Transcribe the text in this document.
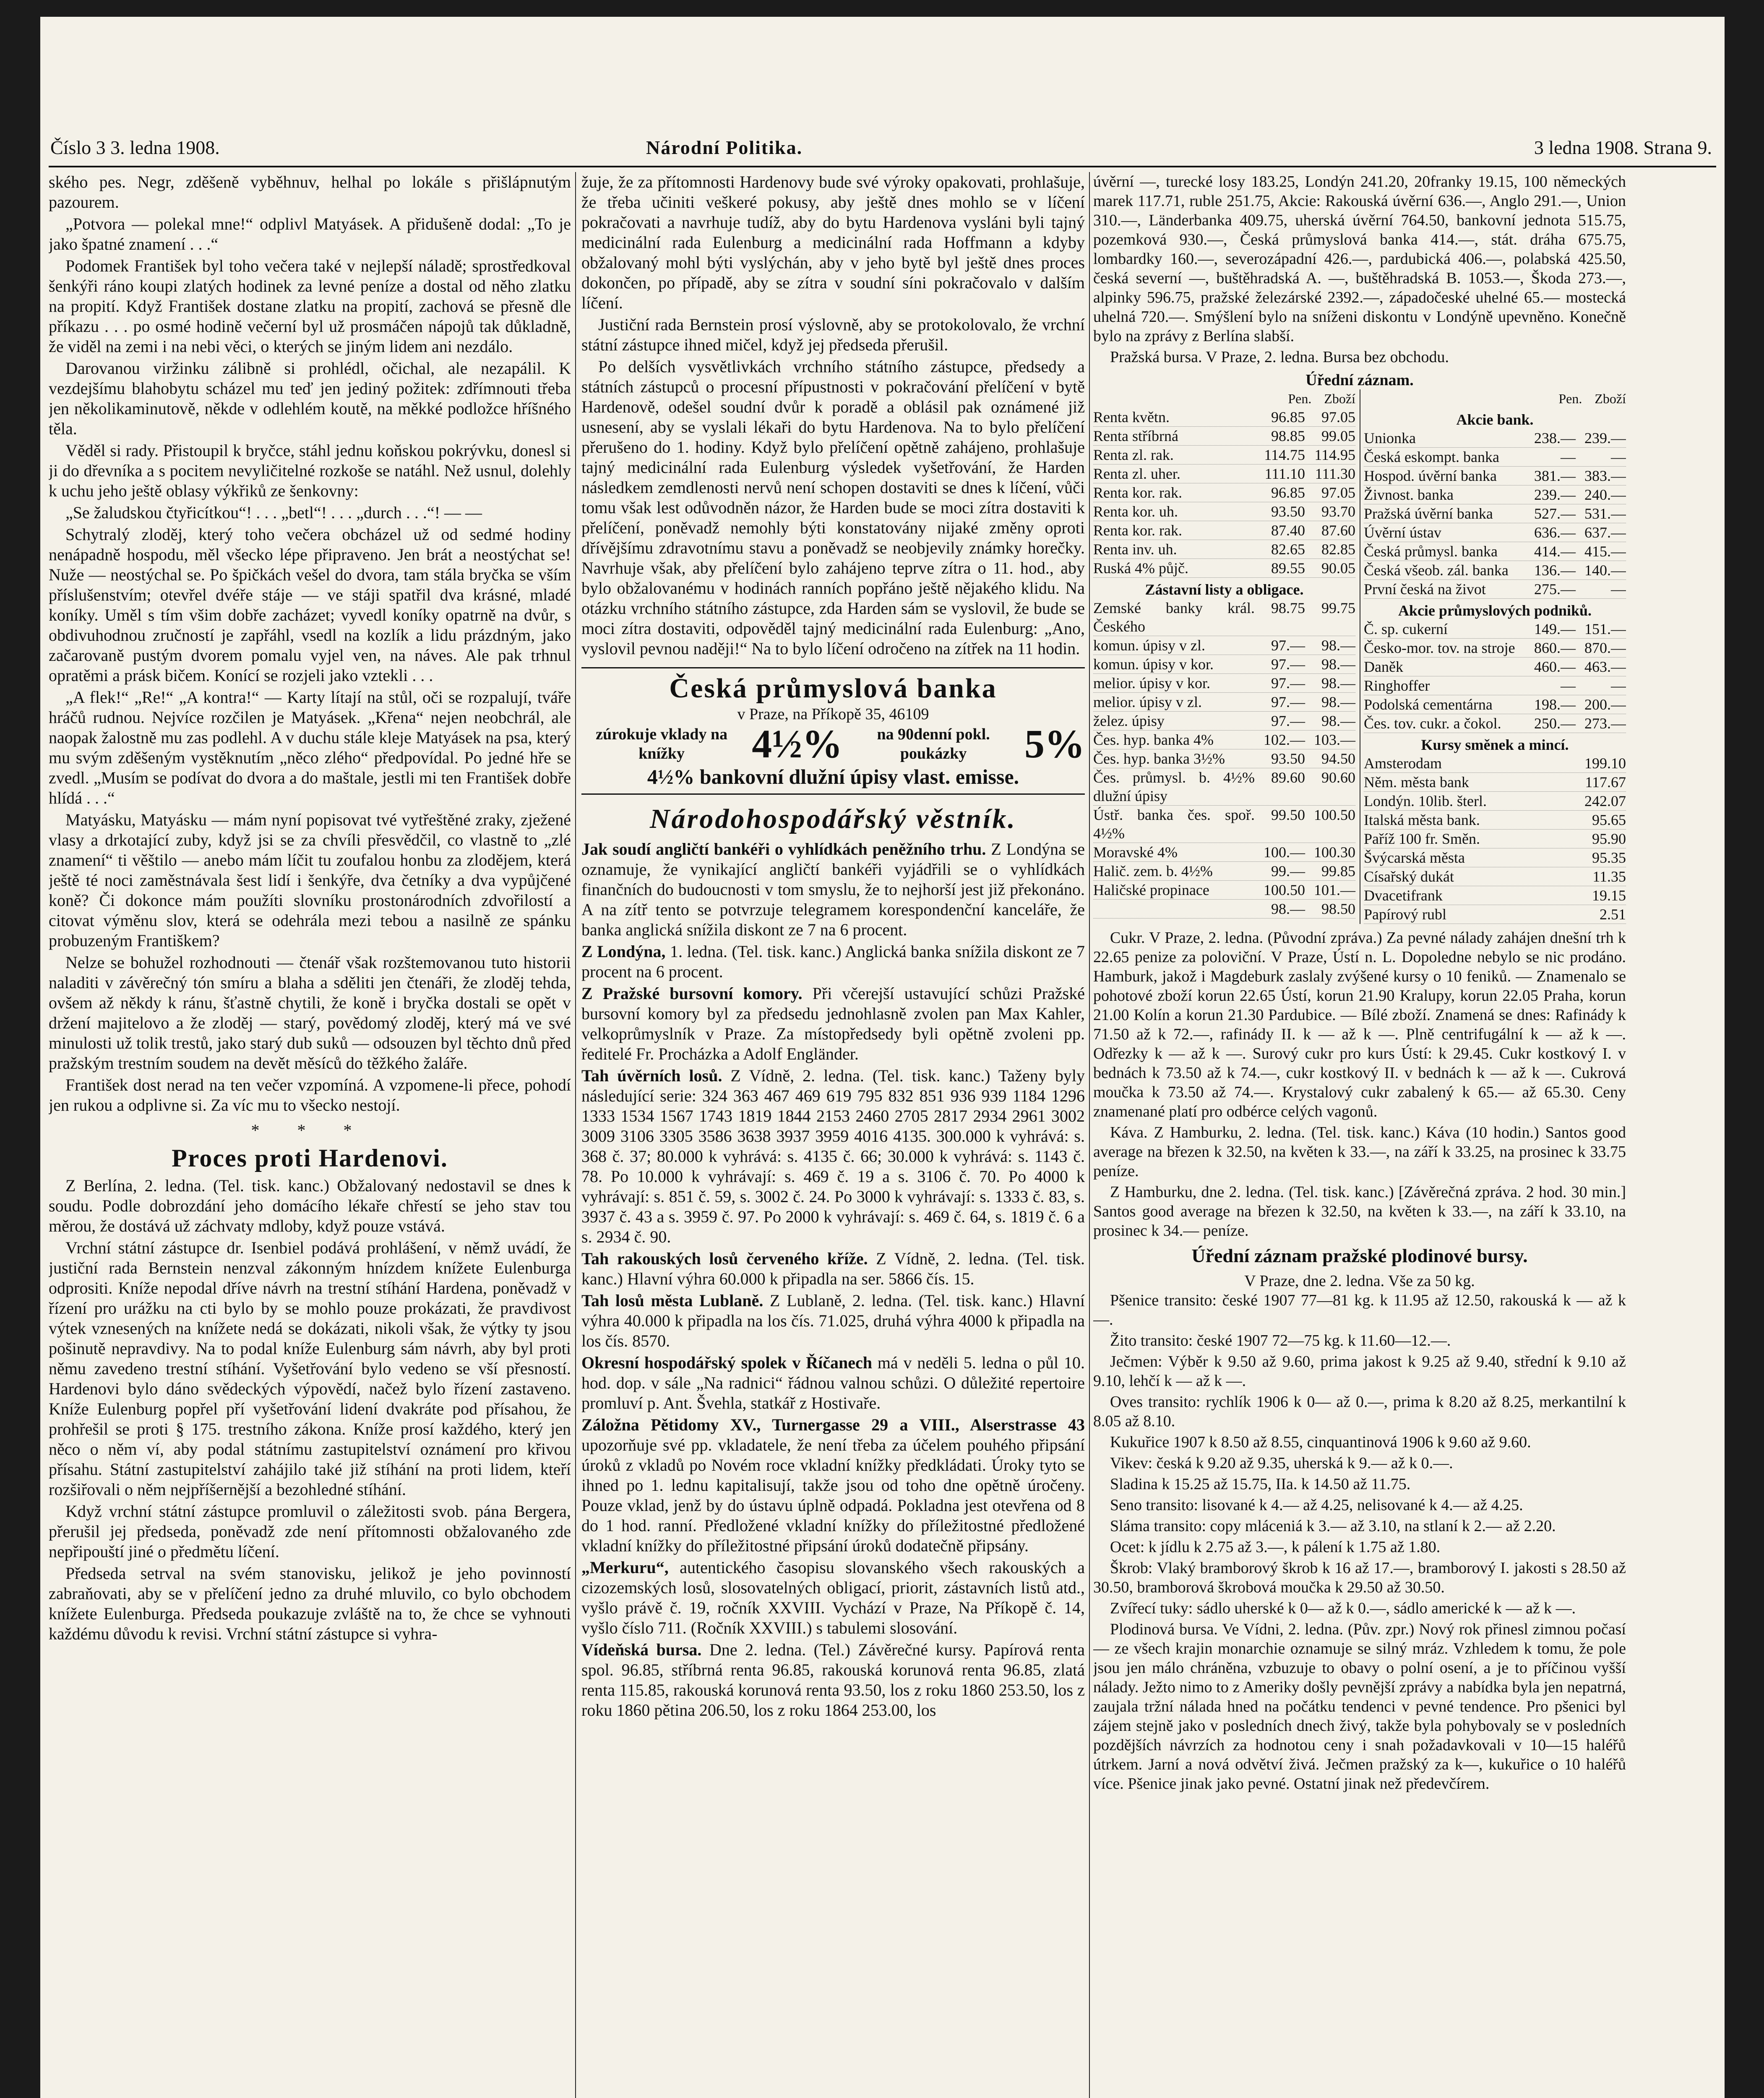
Číslo 3 3. ledna 1908.	Národní Politika.	3 ledna 1908. Strana 9.

ského pes. Negr, zděšeně vyběhnuv, helhal po lokále s přišlápnutým pazourem.

„Potvora — polekal mne!“ odplivl Matyásek. A přidušeně dodal: „To je jako špatné znamení . . .“

Podomek František byl toho večera také v nejlepší náladě; sprostředkoval šenkýři ráno koupi zlatých hodinek za levné peníze a dostal od něho zlatku na propití. Když František dostane zlatku na propití, zachová se přesně dle příkazu . . . po osmé hodině večerní byl už prosmáčen nápojů tak důkladně, že viděl na zemi i na nebi věci, o kterých se jiným lidem ani nezdálo.

Darovanou viržinku zálibně si prohlédl, očichal, ale nezapálil. K vezdejšímu blahobytu scházel mu teď jen jediný požitek: zdřímnouti třeba jen několikaminutově, někde v odlehlém koutě, na měkké podložce hříšného těla.

Věděl si rady. Přistoupil k bryčce, stáhl jednu koňskou pokrývku, donesl si ji do dřevníka a s pocitem nevyličitelné rozkoše se natáhl. Než usnul, dolehly k uchu jeho ještě oblasy výkřiků ze šenkovny:

„Se žaludskou čtyřicítkou“! . . . „betl“! . . . „durch . . .“! — —

Schytralý zloděj, který toho večera obcházel už od sedmé hodiny nenápadně hospodu, měl všecko lépe připraveno. Jen brát a neostýchat se! Nuže — neostýchal se. Po špičkách vešel do dvora, tam stála bryčka se vším příslušenstvím; otevřel dvéře stáje — ve stáji spatřil dva krásné, mladé koníky. Uměl s tím všim dobře zacházet; vyvedl koníky opatrně na dvůr, s obdivuhodnou zručností je zapřáhl, vsedl na kozlík a lidu prázdným, jako začarovaně pustým dvorem pomalu vyjel ven, na náves. Ale pak trhnul opratěmi a prásk bičem. Konící se rozjeli jako vztekli . . .

„A flek!“ „Re!“ „A kontra!“ — Karty lítají na stůl, oči se rozpalují, tváře hráčů rudnou. Nejvíce rozčilen je Matyásek. „Křena“ nejen neobchrál, ale naopak žalostně mu zas podlehl. A v duchu stále kleje Matyásek na psa, který mu svým zděšeným vystěknutím „něco zlého“ předpovídal. Po jedné hře se zvedl. „Musím se podívat do dvora a do maštale, jestli mi ten František dobře hlídá . . .“

Matyásku, Matyásku — mám nyní popisovat tvé vytřeštěné zraky, zježené vlasy a drkotající zuby, když jsi se za chvíli přesvědčil, co vlastně to „zlé znamení“ ti věštilo — anebo mám líčit tu zoufalou honbu za zlodějem, která ještě té noci zaměstnávala šest lidí i šenkýře, dva četníky a dva vypůjčené koně? Či dokonce mám použíti slovníku prostonárodních zdvořilostí a citovat výměnu slov, která se odehrála mezi tebou a nasilně ze spánku probuzeným Františkem?

Nelze se bohužel rozhodnouti — čtenář však rozštemovanou tuto historii naladiti v závěrečný tón smíru a blaha a sděliti jen čtenáři, že zloděj tehda, ovšem až někdy k ránu, šťastně chytili, že koně i bryčka dostali se opět v držení majitelovo a že zloděj — starý, povědomý zloděj, který má ve své minulosti už tolik trestů, jako starý dub suků — odsouzen byl těchto dnů před pražským trestním soudem na devět měsíců do těžkého žaláře.

František dost nerad na ten večer vzpomíná. A vzpomene-li přece, pohodí jen rukou a odplivne si. Za víc mu to všecko nestojí.

* * *
Proces proti Hardenovi.

Z Berlína, 2. ledna. (Tel. tisk. kanc.) Obžalovaný nedostavil se dnes k soudu. Podle dobrozdání jeho domácího lékaře chřestí se jeho stav tou měrou, že dostává už záchvaty mdloby, když pouze vstává.

Vrchní státní zástupce dr. Isenbiel podává prohlášení, v němž uvádí, že justiční rada Bernstein nenzval zákonným hnízdem knížete Eulenburga odprositi. Kníže nepodal dříve návrh na trestní stíhání Hardena, poněvadž v řízení pro urážku na cti bylo by se mohlo pouze prokázati, že pravdivost výtek vznesených na knížete nedá se dokázati, nikoli však, že výtky ty jsou pošinutě nepravdivy. Na to podal kníže Eulenburg sám návrh, aby byl proti němu zavedeno trestní stíhání. Vyšetřování bylo vedeno se vší přesností. Hardenovi bylo dáno svědeckých výpovědí, načež bylo řízení zastaveno. Kníže Eulenburg popřel pří vyšetřování lidení dvakráte pod přísahou, že prohřešil se proti § 175. trestního zákona. Kníže prosí každého, který jen něco o něm ví, aby podal státnímu zastupitelství oznámení pro křivou přísahu. Státní zastupitelství zahájilo také již stíhání na proti lidem, kteří rozšiřovali o něm nejpříšernější a bezohledné stíhání.

Když vrchní státní zástupce promluvil o záležitosti svob. pána Bergera, přerušil jej předseda, poněvadž zde není přítomnosti obžalovaného zde nepřipouští jiné o předmětu líčení.

Předseda setrval na svém stanovisku, jelikož je jeho povinností zabraňovati, aby se v přelíčení jedno za druhé mluvilo, co bylo obchodem knížete Eulenburga. Předseda poukazuje zvláště na to, že chce se vyhnouti každému důvodu k revisi. Vrchní státní zástupce si vyhra-

žuje, že za přítomnosti Hardenovy bude své výroky opakovati, prohlašuje, že třeba učiniti veškeré pokusy, aby ještě dnes mohlo se v líčení pokračovati a navrhuje tudíž, aby do bytu Hardenova vysláni byli tajný medicinální rada Eulenburg a medicinální rada Hoffmann a kdyby obžalovaný mohl býti vyslýchán, aby v jeho bytě byl ještě dnes proces dokončen, po případě, aby se zítra v soudní síni pokračovalo v dalším líčení.

Justiční rada Bernstein prosí výslovně, aby se protokolovalo, že vrchní státní zástupce ihned mičel, když jej předseda přerušil.

Po delších vysvětlivkách vrchního státního zástupce, předsedy a státních zástupců o procesní přípustnosti v pokračování přelíčení v bytě Hardenově, odešel soudní dvůr k poradě a oblásil pak oznámené již usnesení, aby se vyslali lékaři do bytu Hardenova. Na to bylo přelíčení přerušeno do 1. hodiny. Když bylo přelíčení opětně zahájeno, prohlašuje tajný medicinální rada Eulenburg výsledek vyšetřování, že Harden následkem zemdlenosti nervů není schopen dostaviti se dnes k líčení, vůči tomu však lest odůvodněn názor, že Harden bude se moci zítra dostaviti k přelíčení, poněvadž nemohly býti konstatovány nijaké změny oproti dřívějšímu zdravotnímu stavu a poněvadž se neobjevily známky horečky. Navrhuje však, aby přelíčení bylo zahájeno teprve zítra o 11. hod., aby bylo obžalovanému v hodinách ranních popřáno ještě nějakého klidu. Na otázku vrchního státního zástupce, zda Harden sám se vyslovil, že bude se moci zítra dostaviti, odpověděl tajný medicinální rada Eulenburg: „Ano, vyslovil pevnou naději!“ Na to bylo líčení odročeno na zítřek na 11 hodin.

Česká průmyslová banka
v Praze, na Příkopě 35, 46109
zúrokuje vklady na knížky	4½%	na 90denní pokl. poukázky	5%
4½% bankovní dlužní úpisy vlast. emisse.
Národohospodářský věstník.

Jak soudí angličtí bankéři o vyhlídkách peněžního trhu. Z Londýna se oznamuje, že vynikající angličtí bankéři vyjádřili se o vyhlídkách finančních do budoucnosti v tom smyslu, že to nejhorší jest již překonáno. A na zítř tento se potvrzuje telegramem korespondenční kanceláře, že banka anglická snížila diskont ze 7 na 6 procent.

Z Londýna, 1. ledna. (Tel. tisk. kanc.) Anglická banka snížila diskont ze 7 procent na 6 procent.

Z Pražské bursovní komory. Při včerejší ustavující schůzi Pražské bursovní komory byl za předsedu jednohlasně zvolen pan Max Kahler, velkoprůmyslník v Praze. Za místopředsedy byli opětně zvoleni pp. ředitelé Fr. Procházka a Adolf Engländer.

Tah úvěrních losů. Z Vídně, 2. ledna. (Tel. tisk. kanc.) Taženy byly následující serie: 324 363 467 469 619 795 832 851 936 939 1184 1296 1333 1534 1567 1743 1819 1844 2153 2460 2705 2817 2934 2961 3002 3009 3106 3305 3586 3638 3937 3959 4016 4135. 300.000 k vyhrává: s. 368 č. 37; 80.000 k vyhrává: s. 4135 č. 66; 30.000 k vyhrává: s. 1143 č. 78. Po 10.000 k vyhrávají: s. 469 č. 19 a s. 3106 č. 70. Po 4000 k vyhrávají: s. 851 č. 59, s. 3002 č. 24. Po 3000 k vyhrávají: s. 1333 č. 83, s. 3937 č. 43 a s. 3959 č. 97. Po 2000 k vyhrávají: s. 469 č. 64, s. 1819 č. 6 a s. 2934 č. 90.

Tah rakouských losů červeného kříže. Z Vídně, 2. ledna. (Tel. tisk. kanc.) Hlavní výhra 60.000 k připadla na ser. 5866 čís. 15.

Tah losů města Lublaně. Z Lublaně, 2. ledna. (Tel. tisk. kanc.) Hlavní výhra 40.000 k připadla na los čís. 71.025, druhá výhra 4000 k připadla na los čís. 8570.

Okresní hospodářský spolek v Říčanech má v neděli 5. ledna o půl 10. hod. dop. v sále „Na radnici“ řádnou valnou schůzi. O důležité repertoire promluví p. Ant. Švehla, statkář z Hostivaře.

Záložna Pětidomy XV., Turnergasse 29 a VIII., Alserstrasse 43 upozorňuje své pp. vkladatele, že není třeba za účelem pouhého připsání úroků z vkladů po Novém roce vkladní knížky předkládati. Úroky tyto se ihned po 1. lednu kapitalisují, takže jsou od toho dne opětně úročeny. Pouze vklad, jenž by do ústavu úplně odpadá. Pokladna jest otevřena od 8 do 1 hod. ranní. Předložené vkladní knížky do příležitostné předložené vkladní knížky do příležitostné připsání úroků dodatečně připsány.

„Merkuru“, autentického časopisu slovanského všech rakouských a cizozemských losů, slosovatelných obligací, priorit, zástavních listů atd., vyšlo právě č. 19, ročník XXVIII. Vychází v Praze, Na Příkopě č. 14, vyšlo číslo 711. (Ročník XXVIII.) s tabulemi slosování.

Vídeňská bursa. Dne 2. ledna. (Tel.) Závěrečné kursy. Papírová renta spol. 96.85, stříbrná renta 96.85, rakouská korunová renta 96.85, zlatá renta 115.85, rakouská korunová renta 93.50, los z roku 1860 253.50, los z roku 1860 pětina 206.50, los z roku 1864 253.00, los

úvěrní —, turecké losy 183.25, Londýn 241.20, 20franky 19.15, 100 německých marek 117.71, ruble 251.75, Akcie: Rakouská úvěrní 636.—, Anglo 291.—, Union 310.—, Länderbanka 409.75, uherská úvěrní 764.50, bankovní jednota 515.75, pozemková 930.—, Česká průmyslová banka 414.—, stát. dráha 675.75, lombardky 160.—, severozápadní 426.—, pardubická 406.—, polabská 425.50, česká severní —, buštěhradská A. —, buštěhradská B. 1053.—, Škoda 273.—, alpinky 596.75, pražské železárské 2392.—, západočeské uhelné 65.— mostecká uhelná 720.—. Smýšlení bylo na sníženi diskontu v Londýně upevněno. Konečně bylo na zprávy z Berlína slabší.

Pražská bursa. V Praze, 2. ledna. Bursa bez obchodu.

Úřední záznam.
Pen. Zboží
Renta květn.	96.85	97.05
Renta stříbrná	98.85	99.05
Renta zl. rak.	114.75 114.95
Renta zl. uher.	111.10 111.30
Renta kor. rak.	96.85	97.05
Renta kor. uh.	93.50	93.70
Renta kor. rak.	87.40	87.60
Renta inv. uh.	82.65	82.85
Ruská 4% půjč.	89.55	90.05
Zástavní listy a obligace.
Zemské banky král. Českého
98.75	99.75
komun. úpisy v zl.	97.—	98.—
komun. úpisy v kor.	97.—	98.—
melior. úpisy v kor.	97.—	98.—
melior. úpisy v zl.	97.—	98.—
želez. úpisy	97.—	98.—
Čes. hyp. banka 4%	102.— 103.—
Čes. hyp. banka 3½%	93.50	94.50
Čes. průmysl. b. 4½% dlužní úpisy
89.60	90.60
Ústř. banka čes. spoř. 4½%
99.50 100.50
Moravské 4%	100.— 100.30
Halič. zem. b. 4½%	99.—	99.85
Haličské propinace	100.50 101.—
98.—	98.50
Pen. Zboží
Akcie bank.
Unionka	238.— 239.—
Česká eskompt. banka	—	—
Hospod. úvěrní banka	381.— 383.—
Živnost. banka	239.— 240.—
Pražská úvěrní banka	527.— 531.—
Úvěrní ústav	636.— 637.—
Česká průmysl. banka	414.— 415.—
Česká všeob. zál. banka	136.— 140.—
První česká na život	275.—	—
Akcie průmyslových podniků.
Č. sp. cukerní	149.— 151.—
Česko-mor. tov. na stroje	860.— 870.—
Daněk	460.— 463.—
Ringhoffer	—	—
Podolská cementárna	198.— 200.—
Čes. tov. cukr. a čokol.	250.— 273.—
Kursy směnek a mincí.
Amsterodam	199.10
Něm. města bank	117.67
Londýn. 10lib. šterl.	242.07
Italská města bank.	95.65
Paříž 100 fr. Směn.	95.90
Švýcarská města	95.35
Císařský dukát	11.35
Dvacetifrank	19.15
Papírový rubl	2.51

Cukr. V Praze, 2. ledna. (Původní zpráva.) Za pevné nálady zahájen dnešní trh k 22.65 penize za poloviční. V Praze, Ústí n. L. Dopoledne nebylo se nic prodáno. Hamburk, jakož i Magdeburk zaslaly zvýšené kursy o 10 feniků. — Znamenalo se pohotové zboží korun 22.65 Ústí, korun 21.90 Kralupy, korun 22.05 Praha, korun 21.00 Kolín a korun 21.30 Pardubice. — Bílé zboží. Znamená se dnes: Rafinády k 71.50 až k 72.—, rafinády II. k — až k —. Plně centrifugální k — až k —. Odřezky k — až k —. Surový cukr pro kurs Ústí: k 29.45. Cukr kostkový I. v bednách k 73.50 až k 74.—, cukr kostkový II. v bednách k — až k —. Cukrová moučka k 73.50 až 74.—. Krystalový cukr zabalený k 65.— až 65.30. Ceny znamenané platí pro odbérce celých vagonů.

Káva. Z Hamburku, 2. ledna. (Tel. tisk. kanc.) Káva (10 hodin.) Santos good average na březen k 32.50, na květen k 33.—, na září k 33.25, na prosinec k 33.75 peníze.

Z Hamburku, dne 2. ledna. (Tel. tisk. kanc.) [Závěrečná zpráva. 2 hod. 30 min.] Santos good average na březen k 32.50, na květen k 33.—, na září k 33.10, na prosinec k 34.— peníze.

Úřední záznam pražské plodinové bursy.
V Praze, dne 2. ledna. Vše za 50 kg.

Pšenice transito: české 1907 77—81 kg. k 11.95 až 12.50, rakouská k — až k —.

Žito transito: české 1907 72—75 kg. k 11.60—12.—.

Ječmen: Výběr k 9.50 až 9.60, prima jakost k 9.25 až 9.40, střední k 9.10 až 9.10, lehčí k — až k —.

Oves transito: rychlík 1906 k 0— až 0.—, prima k 8.20 až 8.25, merkantilní k 8.05 až 8.10.

Kukuřice 1907 k 8.50 až 8.55, cinquantinová 1906 k 9.60 až 9.60.

Vikev: česká k 9.20 až 9.35, uherská k 9.— až k 0.—.

Sladina k 15.25 až 15.75, IIa. k 14.50 až 11.75.

Seno transito: lisované k 4.— až 4.25, nelisované k 4.— až 4.25.

Sláma transito: copy mláceniá k 3.— až 3.10, na stlaní k 2.— až 2.20.

Ocet: k jídlu k 2.75 až 3.—, k pálení k 1.75 až 1.80.

Škrob: Vlaký bramborový škrob k 16 až 17.—, bramborový I. jakosti s 28.50 až 30.50, bramborová škrobová moučka k 29.50 až 30.50.

Zvířecí tuky: sádlo uherské k 0— až k 0.—, sádlo americké k — až k —.

Plodinová bursa. Ve Vídni, 2. ledna. (Pův. zpr.) Nový rok přinesl zimnou počasí — ze všech krajin monarchie oznamuje se silný mráz. Vzhledem k tomu, že pole jsou jen málo chráněna, vzbuzuje to obavy o polní osení, a je to příčinou vyšší nálady. Ježto nimo to z Ameriky došly pevnější zprávy a nabídka byla jen nepatrná, zaujala tržní nálada hned na počátku tendenci v pevné tendence. Pro pšenici byl zájem stejně jako v posledních dnech živý, takže byla pohybovaly se v posledních pozdějších návrzích za hodnotou ceny i snah požadavkovali v 10—15 haléřů útrkem. Jarní a nová odvětví živá. Ječmen pražský za k—, kukuřice o 10 haléřů více. Pšenice jinak jako pevné. Ostatní jinak než předevčírem.
